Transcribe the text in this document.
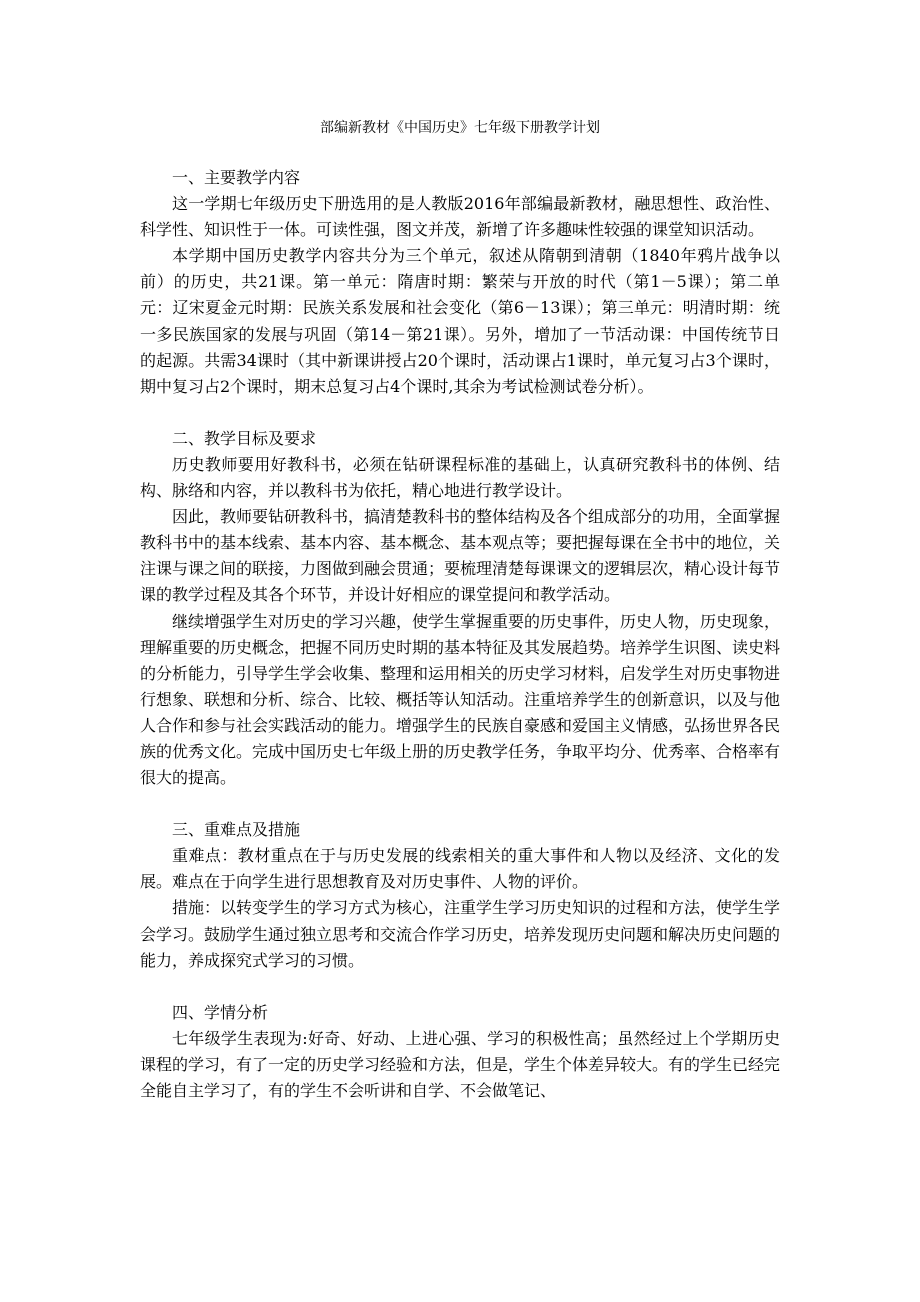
部编新教材《中国历史》七年级下册教学计划

一、主要教学内容

这一学期七年级历史下册选用的是人教版2016年部编最新教材，融思想性、政治性、科学性、知识性于一体。可读性强，图文并茂，新增了许多趣味性较强的课堂知识活动。

本学期中国历史教学内容共分为三个单元，叙述从隋朝到清朝（1840年鸦片战争以前）的历史，共21课。第一单元：隋唐时期：繁荣与开放的时代（第1－5课）；第二单元：辽宋夏金元时期：民族关系发展和社会变化（第6－13课）；第三单元：明清时期：统一多民族国家的发展与巩固（第14－第21课）。另外，增加了一节活动课：中国传统节日的起源。共需34课时（其中新课讲授占20个课时，活动课占1课时，单元复习占3个课时，期中复习占2个课时，期末总复习占4个课时,其余为考试检测试卷分析）。

二、教学目标及要求

历史教师要用好教科书，必须在钻研课程标准的基础上，认真研究教科书的体例、结构、脉络和内容，并以教科书为依托，精心地进行教学设计。

因此，教师要钻研教科书，搞清楚教科书的整体结构及各个组成部分的功用，全面掌握教科书中的基本线索、基本内容、基本概念、基本观点等；要把握每课在全书中的地位，关注课与课之间的联接，力图做到融会贯通；要梳理清楚每课课文的逻辑层次，精心设计每节课的教学过程及其各个环节，并设计好相应的课堂提问和教学活动。

继续增强学生对历史的学习兴趣，使学生掌握重要的历史事件，历史人物，历史现象，理解重要的历史概念，把握不同历史时期的基本特征及其发展趋势。培养学生识图、读史料的分析能力，引导学生学会收集、整理和运用相关的历史学习材料，启发学生对历史事物进行想象、联想和分析、综合、比较、概括等认知活动。注重培养学生的创新意识，以及与他人合作和参与社会实践活动的能力。增强学生的民族自豪感和爱国主义情感，弘扬世界各民族的优秀文化。完成中国历史七年级上册的历史教学任务，争取平均分、优秀率、合格率有很大的提高。

三、重难点及措施

重难点：教材重点在于与历史发展的线索相关的重大事件和人物以及经济、文化的发展。难点在于向学生进行思想教育及对历史事件、人物的评价。

措施：以转变学生的学习方式为核心，注重学生学习历史知识的过程和方法，使学生学会学习。鼓励学生通过独立思考和交流合作学习历史，培养发现历史问题和解决历史问题的能力，养成探究式学习的习惯。

四、学情分析

七年级学生表现为:好奇、好动、上进心强、学习的积极性高；虽然经过上个学期历史课程的学习，有了一定的历史学习经验和方法，但是，学生个体差异较大。有的学生已经完全能自主学习了，有的学生不会听讲和自学、不会做笔记、
